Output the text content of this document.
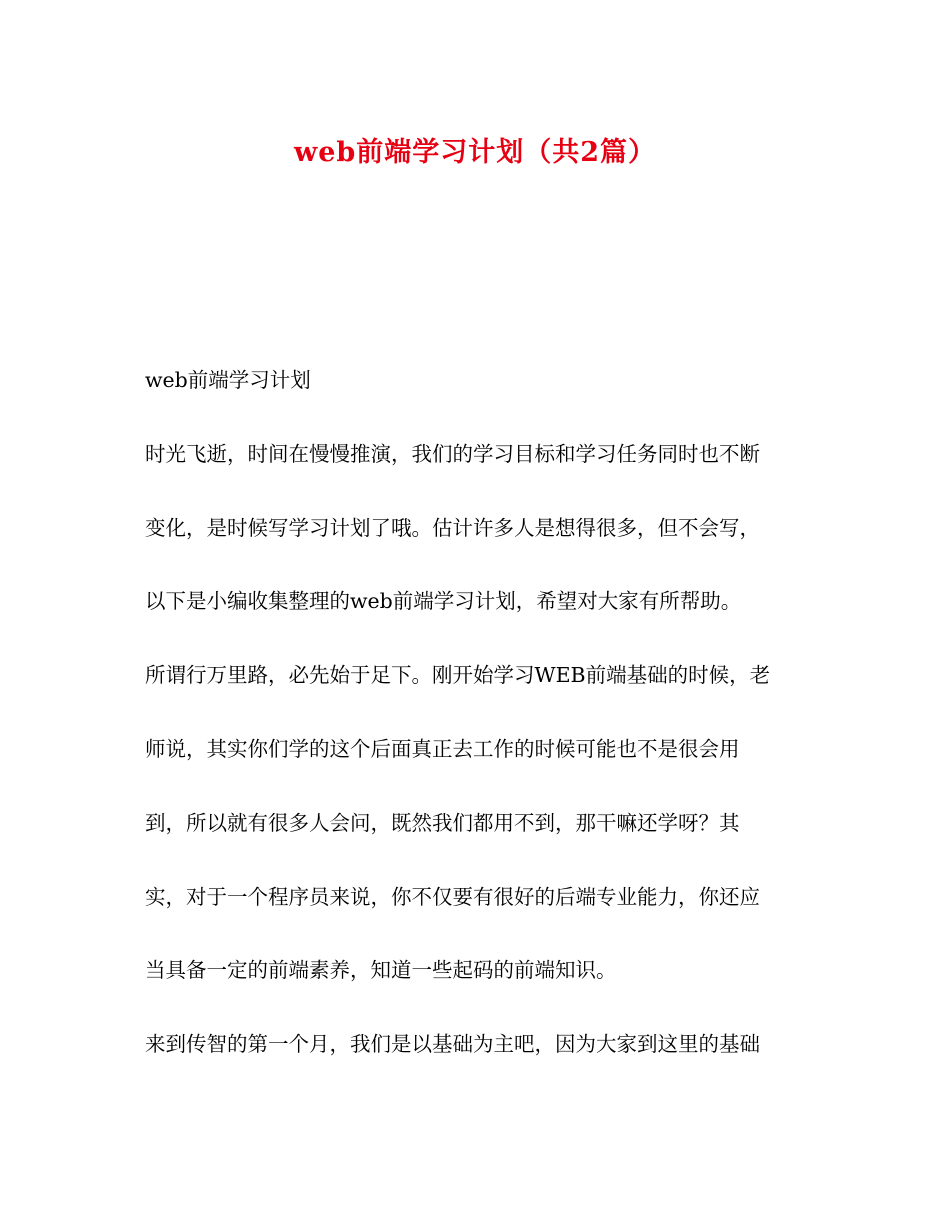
web前端学习计划（共2篇）
web前端学习计划
时光飞逝，时间在慢慢推演，我们的学习目标和学习任务同时也不断
变化，是时候写学习计划了哦。估计许多人是想得很多，但不会写，
以下是小编收集整理的web前端学习计划，希望对大家有所帮助。
所谓行万里路，必先始于足下。刚开始学习WEB前端基础的时候，老
师说，其实你们学的这个后面真正去工作的时候可能也不是很会用
到，所以就有很多人会问，既然我们都用不到，那干嘛还学呀？其
实，对于一个程序员来说，你不仅要有很好的后端专业能力，你还应
当具备一定的前端素养，知道一些起码的前端知识。
来到传智的第一个月，我们是以基础为主吧，因为大家到这里的基础
